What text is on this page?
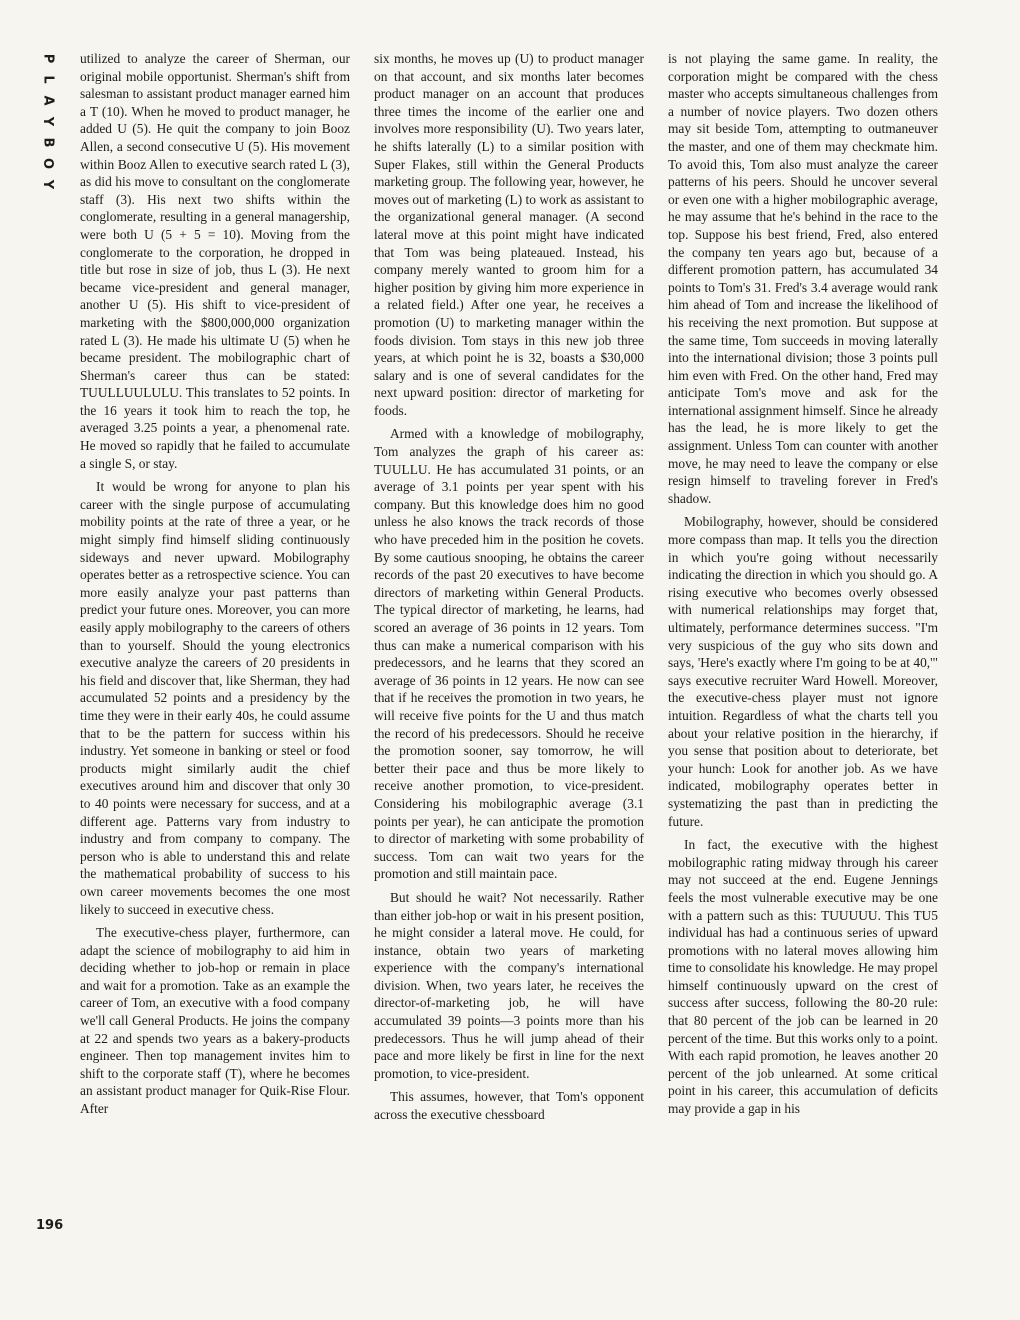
P
L
A
Y
B
O
Y
196

utilized to analyze the career of Sherman, our original mobile opportunist. Sherman's shift from salesman to assistant product manager earned him a T (10). When he moved to product manager, he added U (5). He quit the company to join Booz Allen, a second consecutive U (5). His movement within Booz Allen to executive search rated L (3), as did his move to consultant on the conglomerate staff (3). His next two shifts within the conglomerate, resulting in a general managership, were both U (5 + 5 = 10). Moving from the conglomerate to the corporation, he dropped in title but rose in size of job, thus L (3). He next became vice-president and general manager, another U (5). His shift to vice-president of marketing with the $800,000,000 organization rated L (3). He made his ultimate U (5) when he became president. The mobilographic chart of Sherman's career thus can be stated: TUULLUULULU. This translates to 52 points. In the 16 years it took him to reach the top, he averaged 3.25 points a year, a phenomenal rate. He moved so rapidly that he failed to accumulate a single S, or stay.

It would be wrong for anyone to plan his career with the single purpose of accumulating mobility points at the rate of three a year, or he might simply find himself sliding continuously sideways and never upward. Mobilography operates better as a retrospective science. You can more easily analyze your past patterns than predict your future ones. Moreover, you can more easily apply mobilography to the careers of others than to yourself. Should the young electronics executive analyze the careers of 20 presidents in his field and discover that, like Sherman, they had accumulated 52 points and a presidency by the time they were in their early 40s, he could assume that to be the pattern for success within his industry. Yet someone in banking or steel or food products might similarly audit the chief executives around him and discover that only 30 to 40 points were necessary for success, and at a different age. Patterns vary from industry to industry and from company to company. The person who is able to understand this and relate the mathematical probability of success to his own career movements becomes the one most likely to succeed in executive chess.

The executive-chess player, furthermore, can adapt the science of mobilography to aid him in deciding whether to job-hop or remain in place and wait for a promotion. Take as an example the career of Tom, an executive with a food company we'll call General Products. He joins the company at 22 and spends two years as a bakery-products engineer. Then top management invites him to shift to the corporate staff (T), where he becomes an assistant product manager for Quik-Rise Flour. After

six months, he moves up (U) to product manager on that account, and six months later becomes product manager on an account that produces three times the income of the earlier one and involves more responsibility (U). Two years later, he shifts laterally (L) to a similar position with Super Flakes, still within the General Products marketing group. The following year, however, he moves out of marketing (L) to work as assistant to the organizational general manager. (A second lateral move at this point might have indicated that Tom was being plateaued. Instead, his company merely wanted to groom him for a higher position by giving him more experience in a related field.) After one year, he receives a promotion (U) to marketing manager within the foods division. Tom stays in this new job three years, at which point he is 32, boasts a $30,000 salary and is one of several candidates for the next upward position: director of marketing for foods.

Armed with a knowledge of mobilography, Tom analyzes the graph of his career as: TUULLU. He has accumulated 31 points, or an average of 3.1 points per year spent with his company. But this knowledge does him no good unless he also knows the track records of those who have preceded him in the position he covets. By some cautious snooping, he obtains the career records of the past 20 executives to have become directors of marketing within General Products. The typical director of marketing, he learns, had scored an average of 36 points in 12 years. Tom thus can make a numerical comparison with his predecessors, and he learns that they scored an average of 36 points in 12 years. He now can see that if he receives the promotion in two years, he will receive five points for the U and thus match the record of his predecessors. Should he receive the promotion sooner, say tomorrow, he will better their pace and thus be more likely to receive another promotion, to vice-president. Considering his mobilographic average (3.1 points per year), he can anticipate the promotion to director of marketing with some probability of success. Tom can wait two years for the promotion and still maintain pace.

But should he wait? Not necessarily. Rather than either job-hop or wait in his present position, he might consider a lateral move. He could, for instance, obtain two years of marketing experience with the company's international division. When, two years later, he receives the director-of-marketing job, he will have accumulated 39 points—3 points more than his predecessors. Thus he will jump ahead of their pace and more likely be first in line for the next promotion, to vice-president.

This assumes, however, that Tom's opponent across the executive chessboard

is not playing the same game. In reality, the corporation might be compared with the chess master who accepts simultaneous challenges from a number of novice players. Two dozen others may sit beside Tom, attempting to outmaneuver the master, and one of them may checkmate him. To avoid this, Tom also must analyze the career patterns of his peers. Should he uncover several or even one with a higher mobilographic average, he may assume that he's behind in the race to the top. Suppose his best friend, Fred, also entered the company ten years ago but, because of a different promotion pattern, has accumulated 34 points to Tom's 31. Fred's 3.4 average would rank him ahead of Tom and increase the likelihood of his receiving the next promotion. But suppose at the same time, Tom succeeds in moving laterally into the international division; those 3 points pull him even with Fred. On the other hand, Fred may anticipate Tom's move and ask for the international assignment himself. Since he already has the lead, he is more likely to get the assignment. Unless Tom can counter with another move, he may need to leave the company or else resign himself to traveling forever in Fred's shadow.

Mobilography, however, should be considered more compass than map. It tells you the direction in which you're going without necessarily indicating the direction in which you should go. A rising executive who becomes overly obsessed with numerical relationships may forget that, ultimately, performance determines success. "I'm very suspicious of the guy who sits down and says, 'Here's exactly where I'm going to be at 40,'" says executive recruiter Ward Howell. Moreover, the executive-chess player must not ignore intuition. Regardless of what the charts tell you about your relative position in the hierarchy, if you sense that position about to deteriorate, bet your hunch: Look for another job. As we have indicated, mobilography operates better in systematizing the past than in predicting the future.

In fact, the executive with the highest mobilographic rating midway through his career may not succeed at the end. Eugene Jennings feels the most vulnerable executive may be one with a pattern such as this: TUUUUU. This TU5 individual has had a continuous series of upward promotions with no lateral moves allowing him time to consolidate his knowledge. He may propel himself continuously upward on the crest of success after success, following the 80-20 rule: that 80 percent of the job can be learned in 20 percent of the time. But this works only to a point. With each rapid promotion, he leaves another 20 percent of the job unlearned. At some critical point in his career, this accumulation of deficits may provide a gap in his
